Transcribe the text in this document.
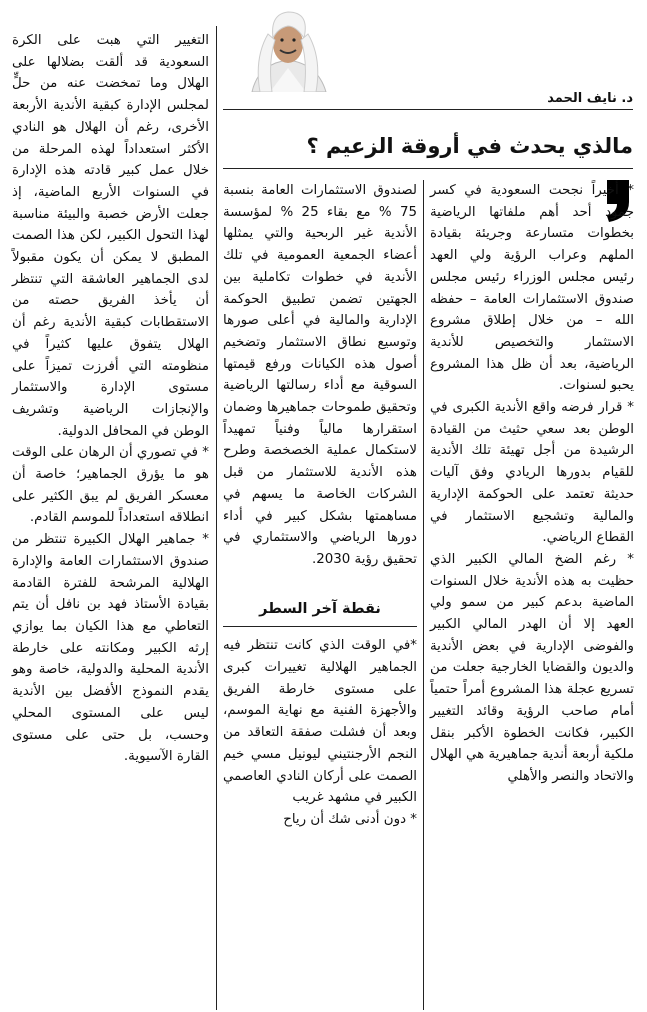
د. نايف الحمد
مالذي يحدث في أروقة الزعيم ؟

* أخيراً نجحت السعودية في كسر جمود أحد أهم ملفاتها الرياضية بخطوات متسارعة وجريئة بقيادة الملهم وعراب الرؤية ولي العهد رئيس مجلس الوزراء رئيس مجلس صندوق الاستثمارات العامة – حفظه الله – من خلال إطلاق مشروع الاستثمار والتخصيص للأندية الرياضية، بعد أن ظل هذا المشروع يحبو لسنوات.

* قرار فرضه واقع الأندية الكبرى في الوطن بعد سعي حثيث من القيادة الرشيدة من أجل تهيئة تلك الأندية للقيام بدورها الريادي وفق آليات حديثة تعتمد على الحوكمة الإدارية والمالية وتشجيع الاستثمار في القطاع الرياضي.

* رغم الضخ المالي الكبير الذي حظيت به هذه الأندية خلال السنوات الماضية بدعم كبير من سمو ولي العهد إلا أن الهدر المالي الكبير والفوضى الإدارية في بعض الأندية والديون والقضايا الخارجية جعلت من تسريع عجلة هذا المشروع أمراً حتمياً أمام صاحب الرؤية وقائد التغيير الكبير، فكانت الخطوة الأكبر بنقل ملكية أربعة أندية جماهيرية هي الهلال والاتحاد والنصر والأهلي

لصندوق الاستثمارات العامة بنسبة 75 % مع بقاء 25 % لمؤسسة الأندية غير الربحية والتي يمثلها أعضاء الجمعية العمومية في تلك الأندية في خطوات تكاملية بين الجهتين تضمن تطبيق الحوكمة الإدارية والمالية في أعلى صورها وتوسيع نطاق الاستثمار وتضخيم أصول هذه الكيانات ورفع قيمتها السوقية مع أداء رسالتها الرياضية وتحقيق طموحات جماهيرها وضمان استقرارها مالياً وفنياً تمهيداً لاستكمال عملية الخصخصة وطرح هذه الأندية للاستثمار من قبل الشركات الخاصة ما يسهم في مساهمتها بشكل كبير في أداء دورها الرياضي والاستثماري في تحقيق رؤية 2030.

نقطة آخر السطر

*في الوقت الذي كانت تنتظر فيه الجماهير الهلالية تغييرات كبرى على مستوى خارطة الفريق والأجهزة الفنية مع نهاية الموسم، وبعد أن فشلت صفقة التعاقد من النجم الأرجنتيني ليونيل مسي خيم الصمت على أركان النادي العاصمي الكبير في مشهد غريب

* دون أدنى شك أن رياح

التغيير التي هبت على الكرة السعودية قد ألقت بضلالها على الهلال وما تمخضت عنه من حلٍّ لمجلس الإدارة كبقية الأندية الأربعة الأخرى، رغم أن الهلال هو النادي الأكثر استعداداً لهذه المرحلة من خلال عمل كبير قادته هذه الإدارة في السنوات الأربع الماضية، إذ جعلت الأرض خصبة والبيئة مناسبة لهذا التحول الكبير، لكن هذا الصمت المطبق لا يمكن أن يكون مقبولاً لدى الجماهير العاشقة التي تنتظر أن يأخذ الفريق حصته من الاستقطابات كبقية الأندية رغم أن الهلال يتفوق عليها كثيراً في منظومته التي أفرزت تميزاً على مستوى الإدارة والاستثمار والإنجازات الرياضية وتشريف الوطن في المحافل الدولية.

* في تصوري أن الرهان على الوقت هو ما يؤرق الجماهير؛ خاصة أن معسكر الفريق لم يبق الكثير على انطلاقه استعداداً للموسم القادم.

* جماهير الهلال الكبيرة تنتظر من صندوق الاستثمارات العامة والإدارة الهلالية المرشحة للفترة القادمة بقيادة الأستاذ فهد بن نافل أن يتم التعاطي مع هذا الكيان بما يوازي إرثه الكبير ومكانته على خارطة الأندية المحلية والدولية، خاصة وهو يقدم النموذج الأفضل بين الأندية ليس على المستوى المحلي وحسب، بل حتى على مستوى القارة الآسيوية.
